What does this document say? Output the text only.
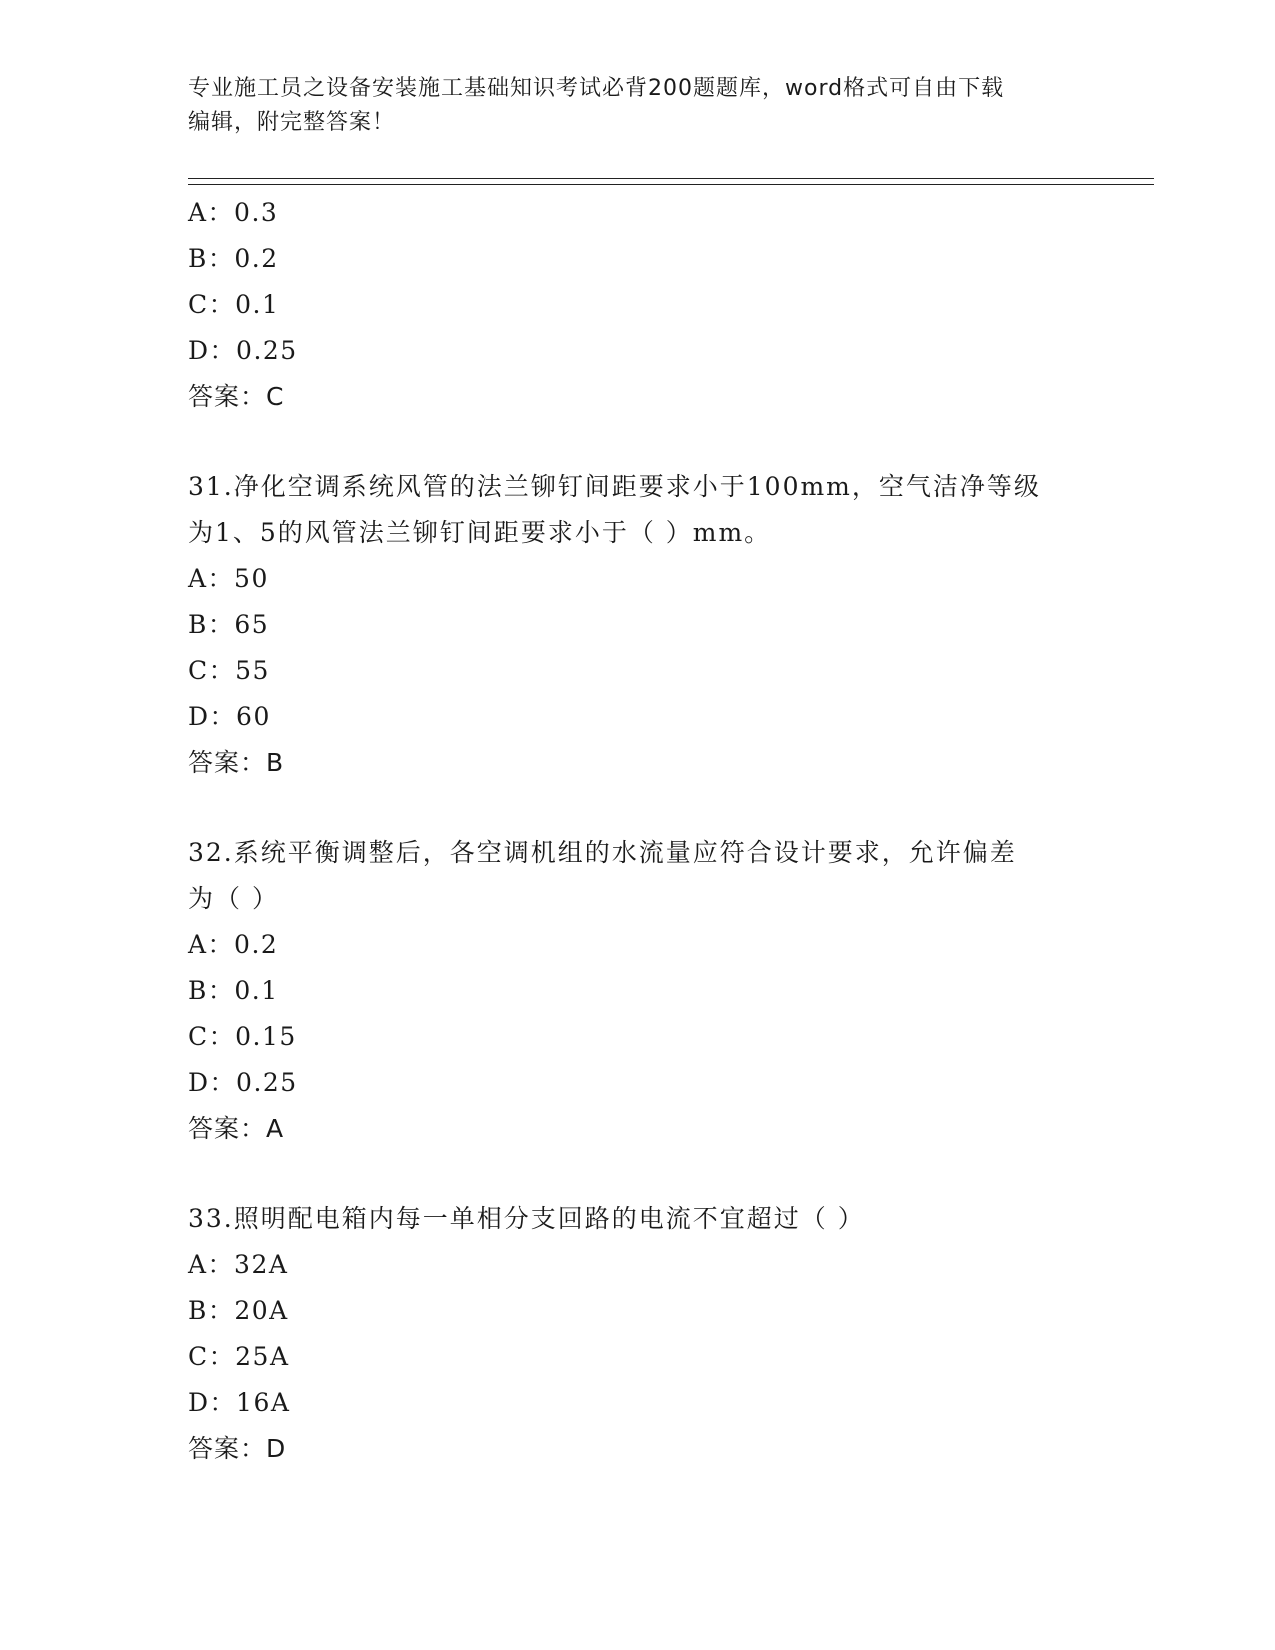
专业施工员之设备安装施工基础知识考试必背200题题库，word格式可自由下载
编辑，附完整答案！
A：0.3
B：0.2
C：0.1
D：0.25
答案：C
31.净化空调系统风管的法兰铆钉间距要求小于100mm，空气洁净等级
为1、5的风管法兰铆钉间距要求小于（ ）mm。
A：50
B：65
C：55
D：60
答案：B
32.系统平衡调整后，各空调机组的水流量应符合设计要求，允许偏差
为（ ）
A：0.2
B：0.1
C：0.15
D：0.25
答案：A
33.照明配电箱内每一单相分支回路的电流不宜超过（ ）
A：32A
B：20A
C：25A
D：16A
答案：D
